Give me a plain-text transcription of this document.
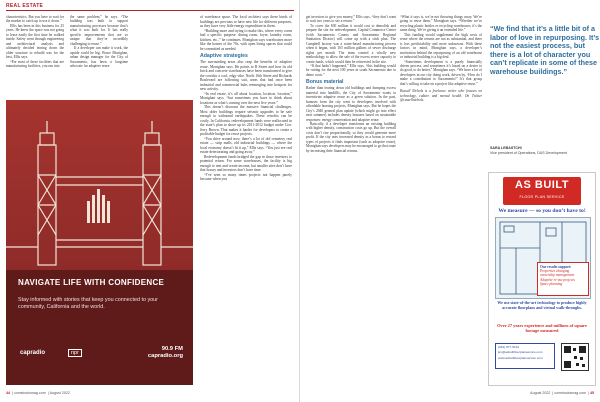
REAL ESTATE

characteristics. But you have to wait for the market to catch up to use it down.”

Ellis has been in this business for 25 years. He knew the space was not going to lease easily the first time he walked inside. Safety went through engineering and architectural analysis and ultimately decided tearing down the older structure to rebuild was for the best, Ellis says.

“For most of these facilities that are manufacturing facilities, you run into

the same problem,” he says. “The building was built to support manufacturing processes because that’s what it was built for. It has really specific improvements that are so unique that they’re incredibly challenging to reuse.”

If a developer can make it work, the upside could be big. Bruce Monighan, urban design manager for the City of Sacramento, has been a longtime advocate for adaptive reuse

of warehouse space. The local architect says these kinds of buildings are precious to have new life for different purposes, as they have very little energy expenditure in them.

“Building more and trying to make this, where every room had a specific purpose: dining room, foyer, laundry room, kitchen, etc.,” he continues. Monighan says warehouses more like the homes of the 70s, with open living spaces that could be committed as needed.

Adaptive strategies

The surrounding areas also reap the benefits of adaptive reuse, Monighan says. He points to R Street and how its old brick and concrete warehouses have been transformed to give the corridor a cool, edgy vibe. North 16th Street and Richards Boulevard are following suit, areas that had once been industrial and commercial hubs reemerging into hotspots for new activity.

“In real estate, it’s all about location, location, location,” Monighan says, “but sometimes you have to think about locations as what’s coming over the next five years.”

This doesn’t discount the massive financial challenges. Most older buildings require seismic upgrades to be safe enough to withstand earthquakes. These retrofits can be costly. In California, redevelopment funds were reallocated in the state’s plan to shore up its 2011-2012 budget under Gov. Jerry Brown. That makes it harder for developers to create a profitable budget for reuse projects.

“You drive around now, there’s a lot of old cemetery real estate — strip malls, old industrial buildings — where the local economy doesn’t fit it up,” Ellis says. “You just see real estate deteriorating and going away.”

Redevelopment funds bridged the gap in those investors to potential return. For some warehouses, the facility is big enough to rent and create income, but smaller sites don’t have that luxury and investors don’t have time.

“I’ve seen so many times projects not happen purely because when you

NAVIGATE LIFE WITH CONFIDENCE
Stay informed with stories that keep you connected to your community, California and the world.
capradio	npr
90.9 FM
capradio.org
44  | comstocksmag.com  | August 2022

get investors to give you money,” Ellis says, “they don’t want to wait two years to see a return.”

To cover the $30 million it would cost to demolish and prepare the site for redevelopment, Capital Commerce Center (with Sacramento County and Sacramento Regional Sanitation District) will come up with a stick plan. The Campbell factory was a water-based manufacturing process when it began, with 165 million gallons of sewer discharge rights per month. The team created a wholly new methodology to allow the sale of the excess sewer capacity to create funds, which would then be reinvested in the site.

“If that hadn’t happened,” Ellis says, “this building would be rotting for the next 100 years in south Sacramento due to demo costs.”

Bonus material

Rather than tearing down old buildings and dumping excess material into landfills, the City of Sacramento wants to incentivize adaptive reuse as a green solution. In the past, bonuses from the city went to developers involved with affordable housing projects, Monighan says. But he hopes the City’s 2040 general plan update (which might go into effect next summer) includes density bonuses based on sustainable responses: energy conservation and adaptive reuse.

Basically, if a developer transforms an existing building with higher density, construction costs go up. But the overall costs don’t rise proportionally, so they would generate more profit. If the city uses increased density as a bonus to reward types of projects it finds important (such as adaptive reuse), Monighan says developers may be encouraged to go that route by increasing their financial returns.

“What it says is, we’re not throwing things away. We’re going to reuse them,” Monighan says. “Whether we’re recycling plastic bottles or recycling warehouses, it’s the same thing. We’re giving it an extended life.”

This funding would supplement the high costs of reuse where the returns are not as substantial, and there is less predictability and more unknowns. With these factors in mind, Monighan says, a developer’s motivation behind the repurposing of an old warehouse or industrial building is a big deal.

“Sometimes development is a purely financially driven process, and sometimes it’s based on a desire to do good, to do better,” Monighan says. “We have a lot of developers in our city doing work, driven by, ‘How do I make a contribution to Sacramento?’ It’s that group that’s willing to take on a project like adaptive reuse.”

Russell Nichols is a freelance writer who focuses on technology, culture and mental health. On Twitter @russellnichols.

“We find that it’s a little bit of a labor of love in repurposing. It’s not the easiest process, but there is a lot of character you can’t replicate in some of these warehouse buildings.”
SARA LEBASTCHI
Vice president of Operations, D&S Development
AS BUILT
FLOOR PLAN SERVICE
We measure — so you don’t have to!
Our results support:
Properties changing
ownership management
Adaptive re-use projects
Space planning
We use state-of-the-art technology to produce highly accurate floorplans and virtual walk-throughs.
Over 27 years experience and millions of square footage measured
(916) 877-5141
jim@asbuiltfloorplanservice.com
www.asbuiltfloorplanservice.com
August 2022  | comstocksmag.com  | 45
